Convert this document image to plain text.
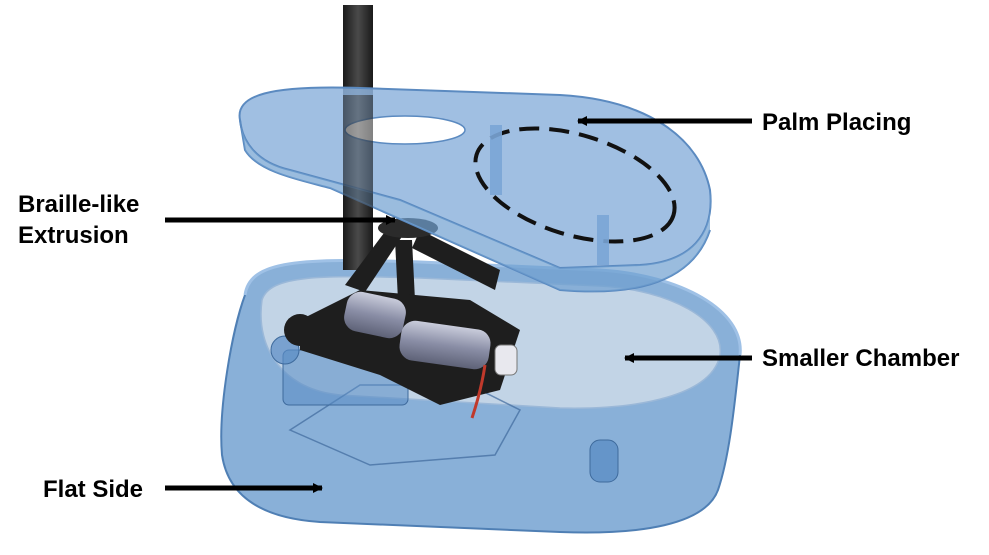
Palm Placing
Braille-like
Extrusion
Smaller Chamber
Flat Side
